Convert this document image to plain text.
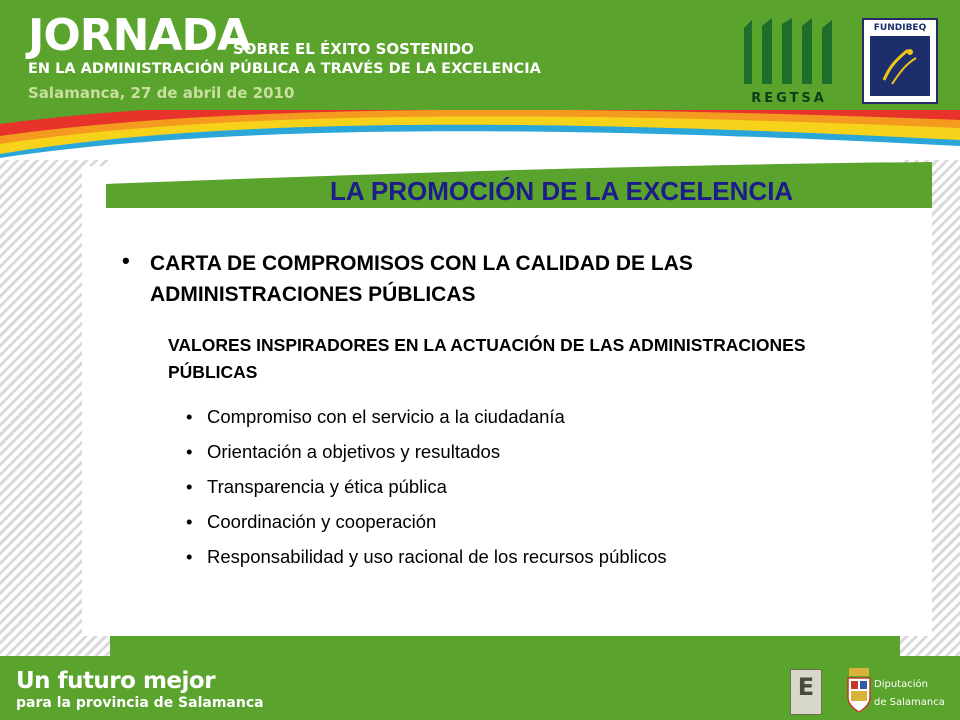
JORNADA
SOBRE EL ÉXITO SOSTENIDO
EN LA ADMINISTRACIÓN PÚBLICA A TRAVÉS DE LA EXCELENCIA
Salamanca, 27 de abril de 2010	REGTSA
FUNDIBEQ
LA PROMOCIÓN DE LA EXCELENCIA
• CARTA DE COMPROMISOS CON LA CALIDAD DE LAS ADMINISTRACIONES PÚBLICAS
VALORES INSPIRADORES EN LA ACTUACIÓN DE LAS ADMINISTRACIONES PÚBLICAS
• Compromiso con el servicio a la ciudadanía
• Orientación a objetivos y resultados
• Transparencia y ética pública
• Coordinación y cooperación
• Responsabilidad y uso racional de los recursos públicos
Un futuro mejor
para la provincia de Salamanca
E	Diputación
de Salamanca
